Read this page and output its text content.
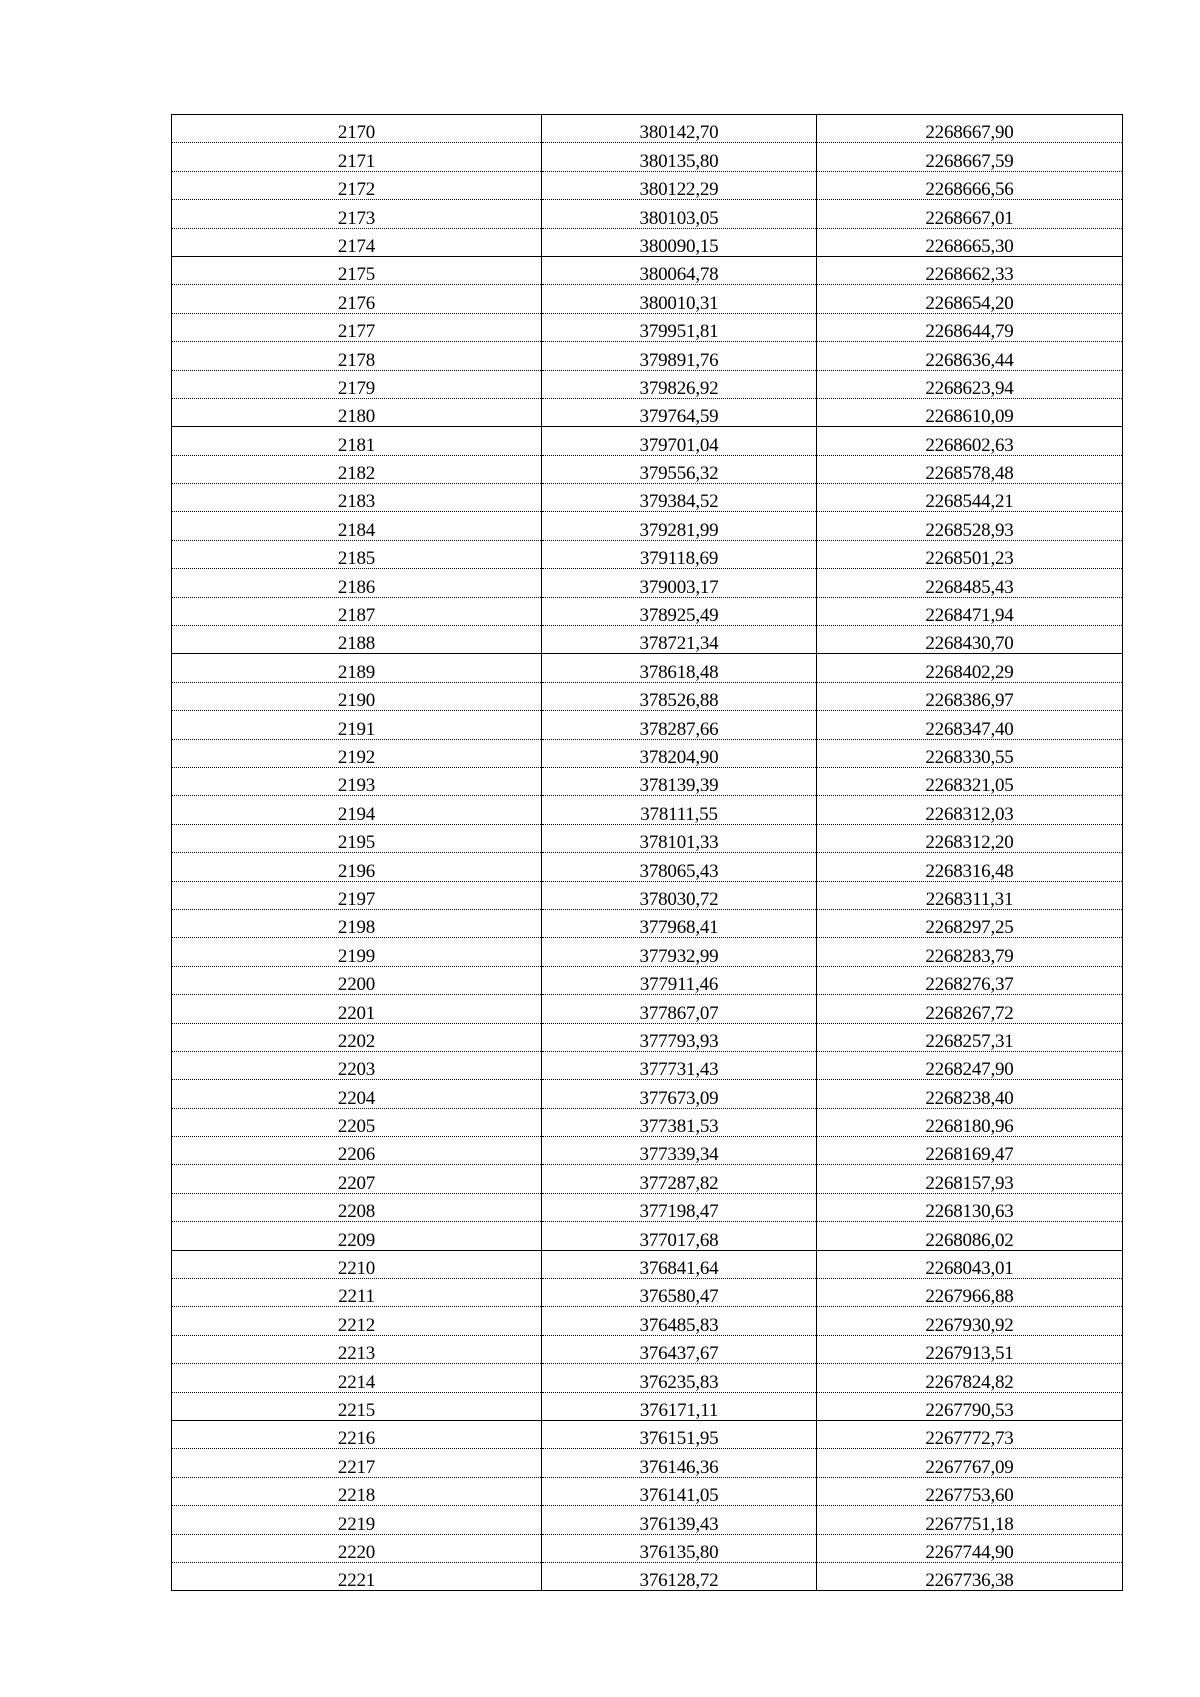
2170	380142,70	2268667,90
2171	380135,80	2268667,59
2172	380122,29	2268666,56
2173	380103,05	2268667,01
2174	380090,15	2268665,30
2175	380064,78	2268662,33
2176	380010,31	2268654,20
2177	379951,81	2268644,79
2178	379891,76	2268636,44
2179	379826,92	2268623,94
2180	379764,59	2268610,09
2181	379701,04	2268602,63
2182	379556,32	2268578,48
2183	379384,52	2268544,21
2184	379281,99	2268528,93
2185	379118,69	2268501,23
2186	379003,17	2268485,43
2187	378925,49	2268471,94
2188	378721,34	2268430,70
2189	378618,48	2268402,29
2190	378526,88	2268386,97
2191	378287,66	2268347,40
2192	378204,90	2268330,55
2193	378139,39	2268321,05
2194	378111,55	2268312,03
2195	378101,33	2268312,20
2196	378065,43	2268316,48
2197	378030,72	2268311,31
2198	377968,41	2268297,25
2199	377932,99	2268283,79
2200	377911,46	2268276,37
2201	377867,07	2268267,72
2202	377793,93	2268257,31
2203	377731,43	2268247,90
2204	377673,09	2268238,40
2205	377381,53	2268180,96
2206	377339,34	2268169,47
2207	377287,82	2268157,93
2208	377198,47	2268130,63
2209	377017,68	2268086,02
2210	376841,64	2268043,01
2211	376580,47	2267966,88
2212	376485,83	2267930,92
2213	376437,67	2267913,51
2214	376235,83	2267824,82
2215	376171,11	2267790,53
2216	376151,95	2267772,73
2217	376146,36	2267767,09
2218	376141,05	2267753,60
2219	376139,43	2267751,18
2220	376135,80	2267744,90
2221	376128,72	2267736,38
